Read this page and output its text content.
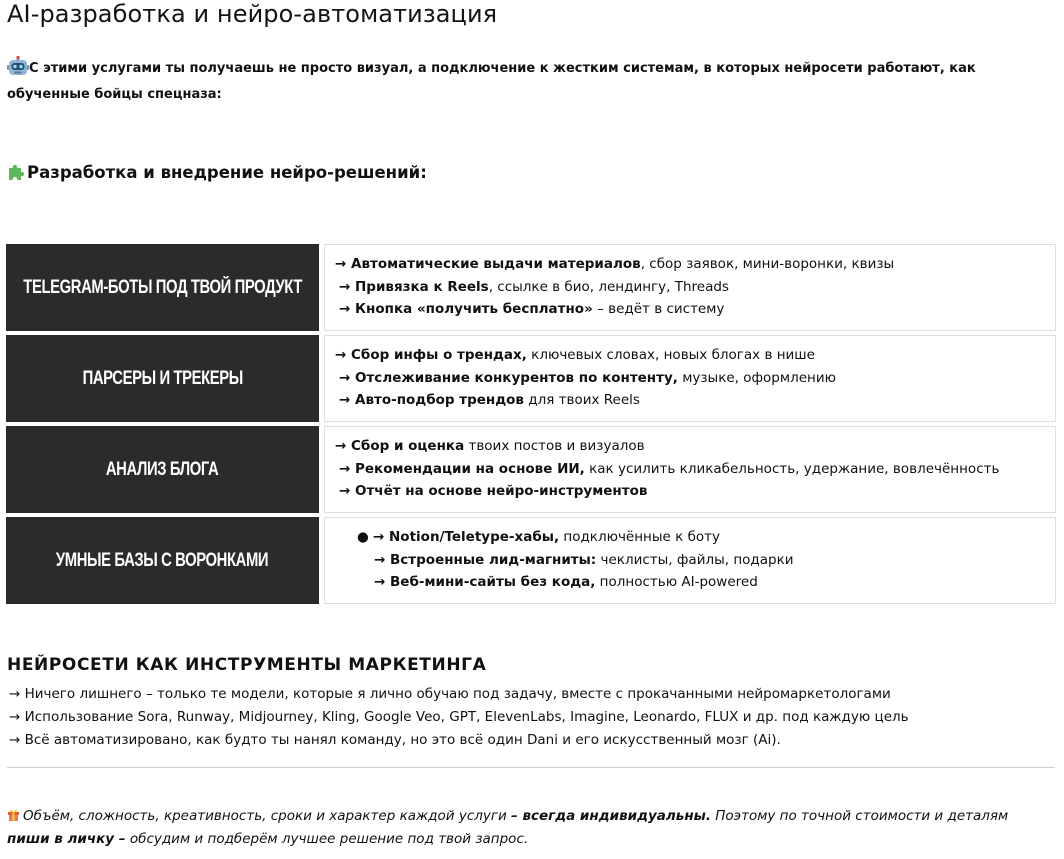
AI-разработка и нейро-автоматизация
С этими услугами ты получаешь не просто визуал, а подключение к жестким системам, в которых нейросети работают, как обученные бойцы спецназа:
Разработка и внедрение нейро-решений:
TELEGRAM-БОТЫ ПОД ТВОЙ ПРОДУКТ
→ Автоматические выдачи материалов, сбор заявок, мини-воронки, квизы
→ Привязка к Reels, ссылке в био, лендингу, Threads
→ Кнопка «получить бесплатно» – ведёт в систему
ПАРСЕРЫ И ТРЕКЕРЫ
→ Сбор инфы о трендах, ключевых словах, новых блогах в нише
→ Отслеживание конкурентов по контенту, музыке, оформлению
→ Авто-подбор трендов для твоих Reels
АНАЛИЗ БЛОГА
→ Сбор и оценка твоих постов и визуалов
→ Рекомендации на основе ИИ, как усилить кликабельность, удержание, вовлечённость
→ Отчёт на основе нейро-инструментов
УМНЫЕ БАЗЫ С ВОРОНКАМИ
● → Notion/Teletype-хабы, подключённые к боту
→ Встроенные лид-магниты: чеклисты, файлы, подарки
→ Веб-мини-сайты без кода, полностью AI-powered
НЕЙРОСЕТИ КАК ИНСТРУМЕНТЫ МАРКЕТИНГА
→ Ничего лишнего – только те модели, которые я лично обучаю под задачу, вместе с прокачанными нейромаркетологами
→ Использование Sora, Runway, Midjourney, Kling, Google Veo, GPT, ElevenLabs, Imagine, Leonardo, FLUX и др. под каждую цель
→ Всё автоматизировано, как будто ты нанял команду, но это всё один Dani и его искусственный мозг (Ai).
Объём, сложность, креативность, сроки и характер каждой услуги – всегда индивидуальны. Поэтому по точной стоимости и деталям пиши в личку – обсудим и подберём лучшее решение под твой запрос.
